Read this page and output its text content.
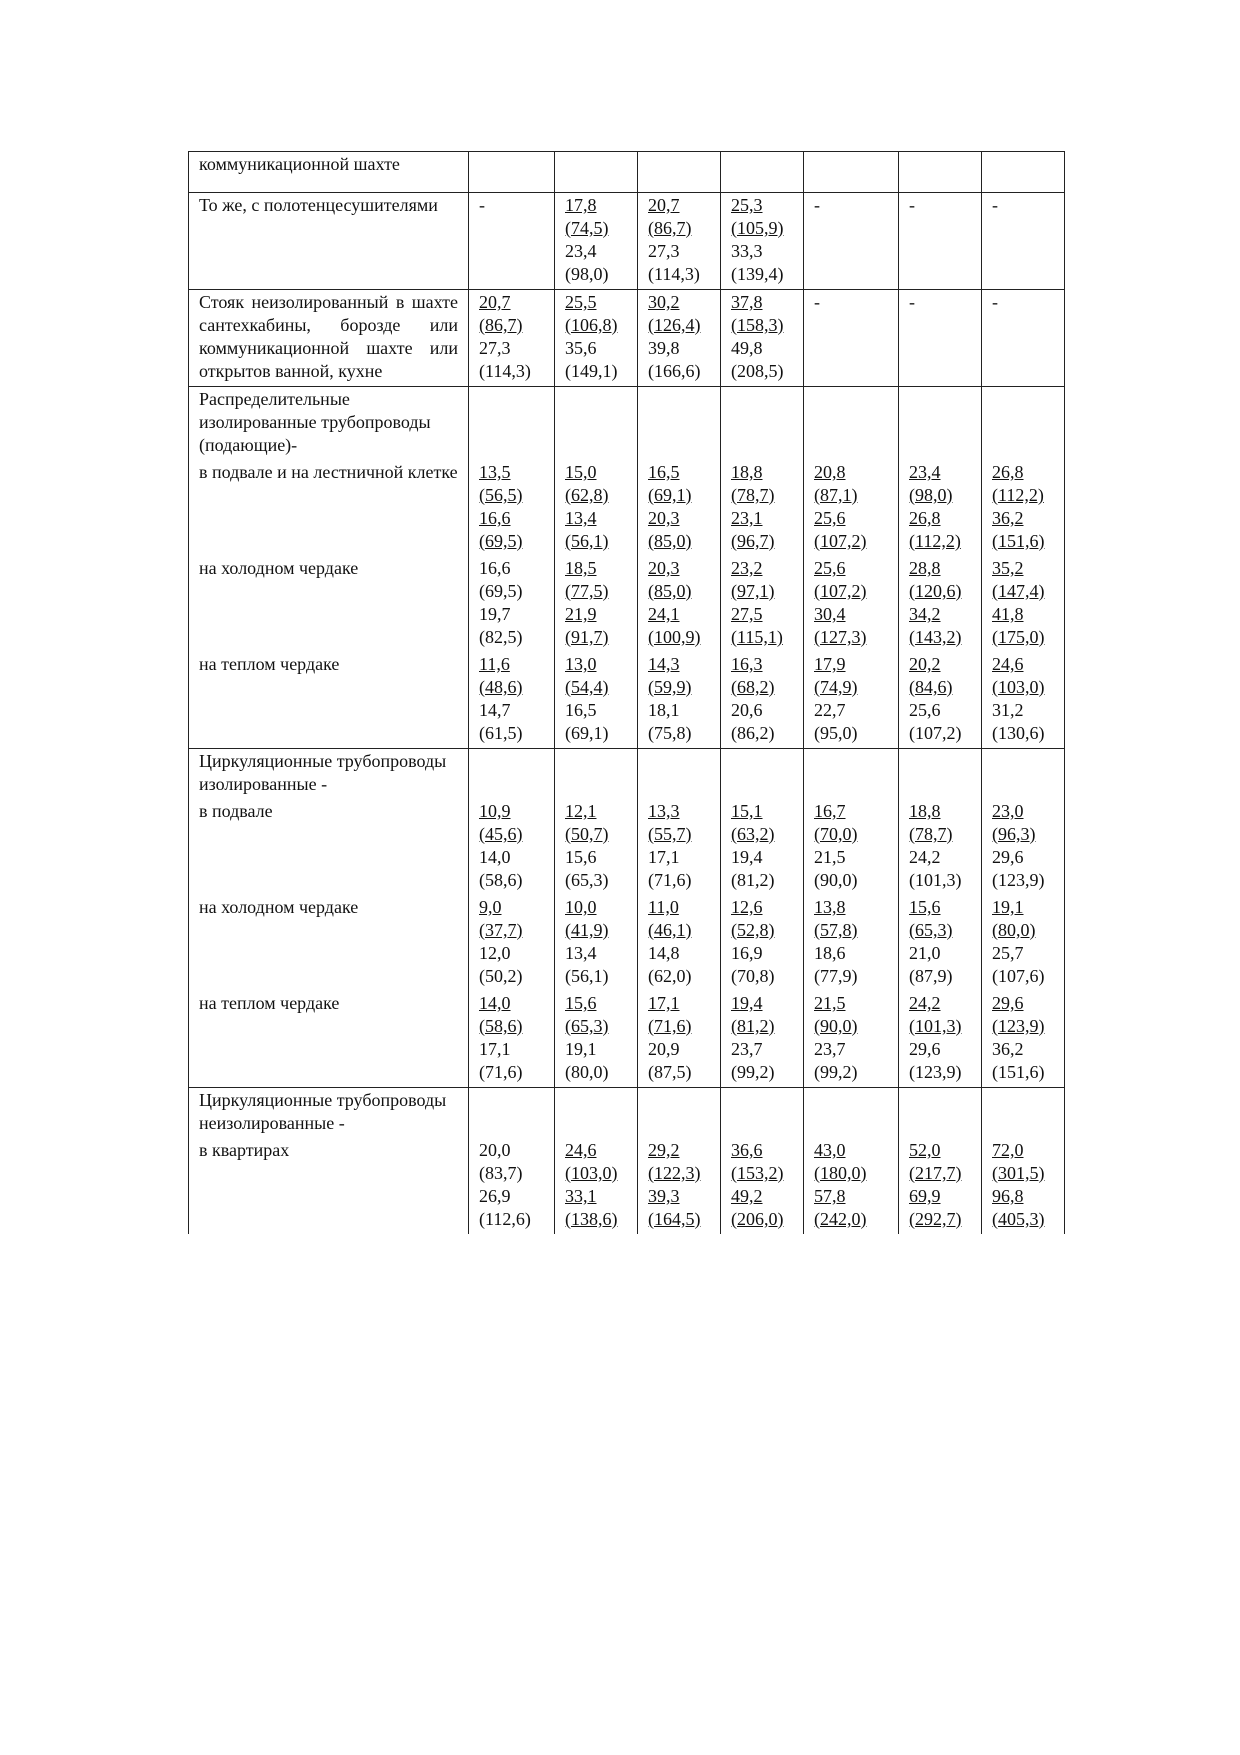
коммуникационной шахте							
То же, с полотенцесушителями	-	17,8
(74,5)
23,4
(98,0)	20,7
(86,7)
27,3
(114,3)	25,3
(105,9)
33,3
(139,4)	-	-	-

Стояк неизолированный в шахте сантехкабины, борозде или коммуникационной шахте или открытов ванной, кухне	20,7
(86,7)
27,3
(114,3)	25,5
(106,8)
35,6
(149,1)	30,2
(126,4)
39,8
(166,6)	37,8
(158,3)
49,8
(208,5)	-	-	-

Распределительные изолированные трубопроводы (подающие)-							
в подвале и на лестничной клетке	13,5
(56,5)
16,6
(69,5)	15,0
(62,8)
13,4
(56,1)	16,5
(69,1)
20,3
(85,0)	18,8
(78,7)
23,1
(96,7)	20,8
(87,1)
25,6
(107,2)	23,4
(98,0)
26,8
(112,2)	26,8
(112,2)
36,2
(151,6)

на холодном чердаке	16,6
(69,5)
19,7
(82,5)	18,5
(77,5)
21,9
(91,7)	20,3
(85,0)
24,1
(100,9)	23,2
(97,1)
27,5
(115,1)	25,6
(107,2)
30,4
(127,3)	28,8
(120,6)
34,2
(143,2)	35,2
(147,4)
41,8
(175,0)

на теплом чердаке	11,6
(48,6)
14,7
(61,5)	13,0
(54,4)
16,5
(69,1)	14,3
(59,9)
18,1
(75,8)	16,3
(68,2)
20,6
(86,2)	17,9
(74,9)
22,7
(95,0)	20,2
(84,6)
25,6
(107,2)	24,6
(103,0)
31,2
(130,6)

Циркуляционные трубопроводы изолированные -							
в подвале	10,9
(45,6)
14,0
(58,6)	12,1
(50,7)
15,6
(65,3)	13,3
(55,7)
17,1
(71,6)	15,1
(63,2)
19,4
(81,2)	16,7
(70,0)
21,5
(90,0)	18,8
(78,7)
24,2
(101,3)	23,0
(96,3)
29,6
(123,9)

на холодном чердаке	9,0
(37,7)
12,0
(50,2)	10,0
(41,9)
13,4
(56,1)	11,0
(46,1)
14,8
(62,0)	12,6
(52,8)
16,9
(70,8)	13,8
(57,8)
18,6
(77,9)	15,6
(65,3)
21,0
(87,9)	19,1
(80,0)
25,7
(107,6)

на теплом чердаке	14,0
(58,6)
17,1
(71,6)	15,6
(65,3)
19,1
(80,0)	17,1
(71,6)
20,9
(87,5)	19,4
(81,2)
23,7
(99,2)	21,5
(90,0)
23,7
(99,2)	24,2
(101,3)
29,6
(123,9)	29,6
(123,9)
36,2
(151,6)

Циркуляционные трубопроводы неизолированные -							
в квартирах	20,0
(83,7)
26,9
(112,6)	24,6
(103,0)
33,1
(138,6)	29,2
(122,3)
39,3
(164,5)	36,6
(153,2)
49,2
(206,0)	43,0
(180,0)
57,8
(242,0)	52,0
(217,7)
69,9
(292,7)	72,0
(301,5)
96,8
(405,3)
